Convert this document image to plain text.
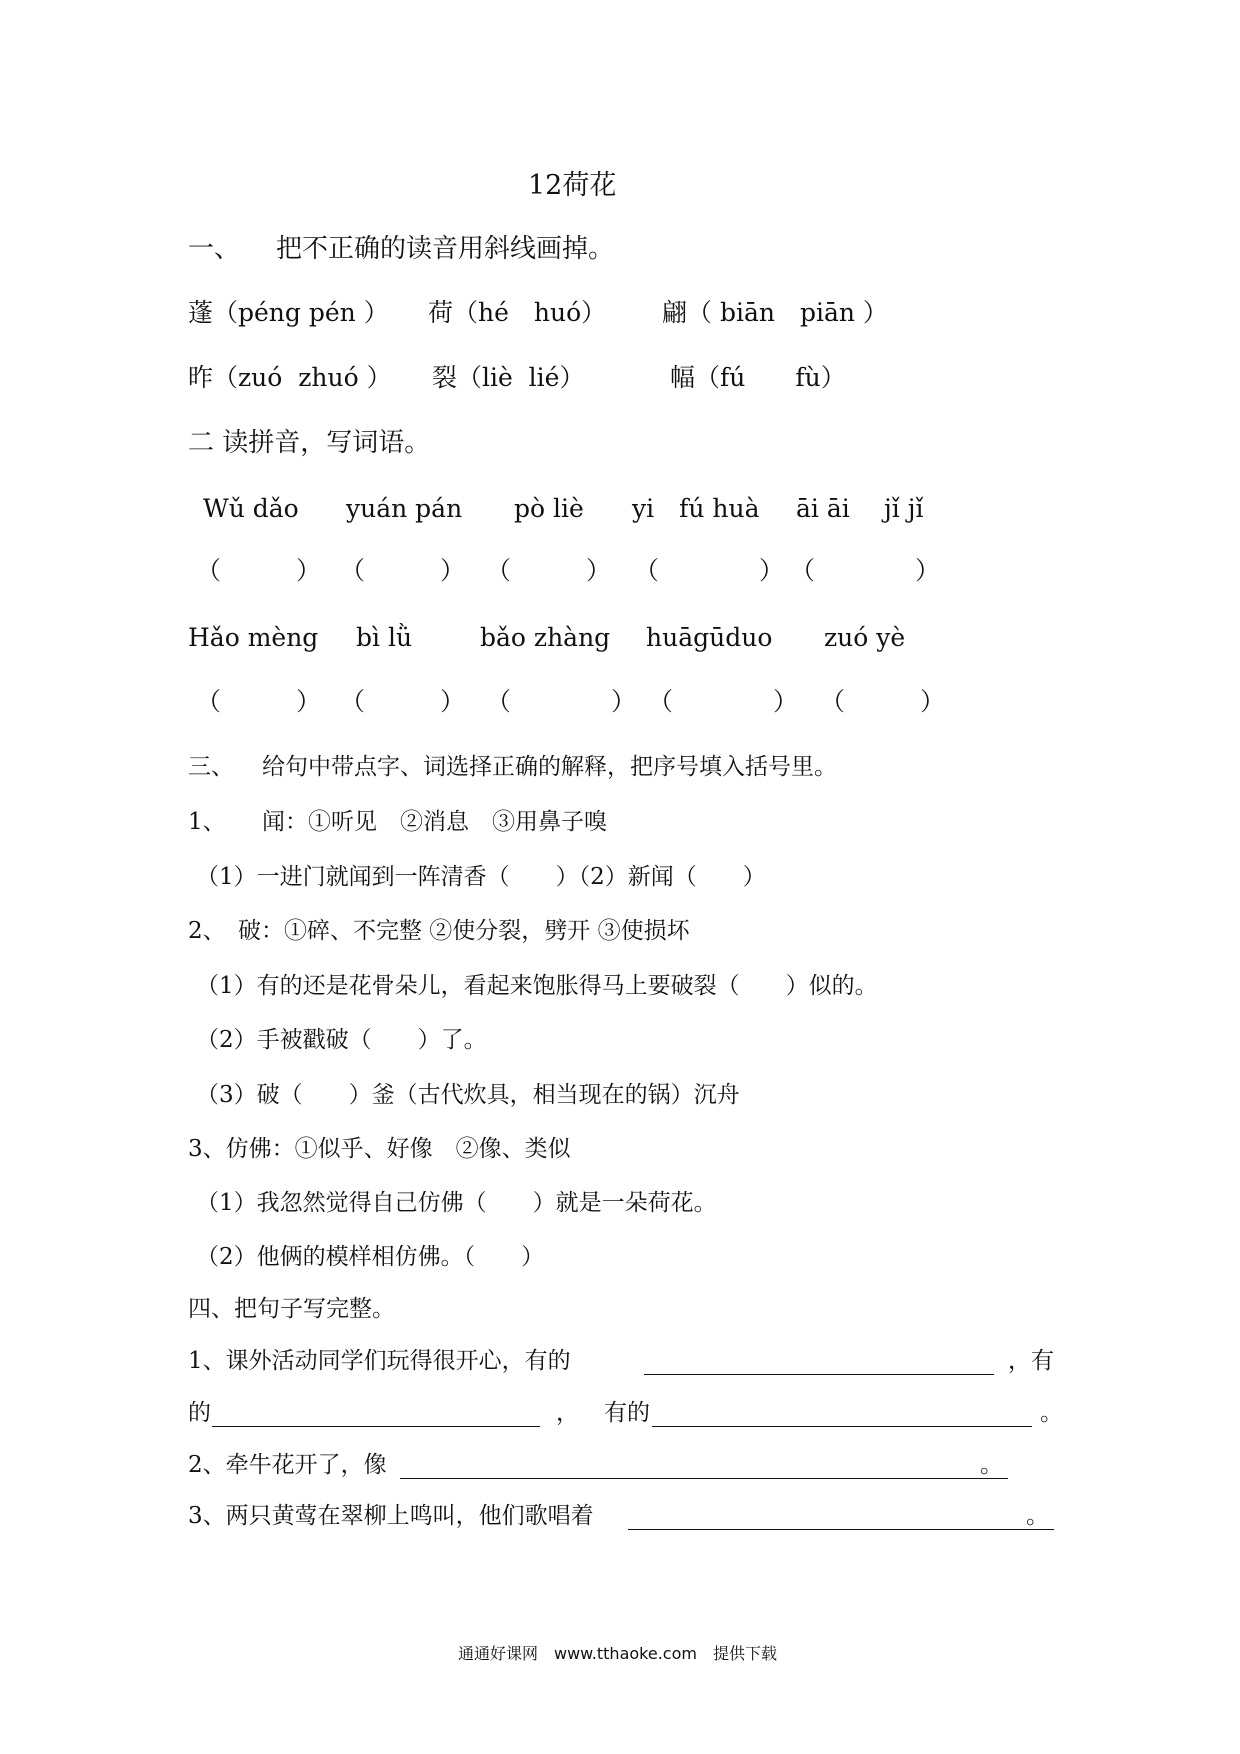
12荷花
一、 把不正确的读音用斜线画掉。
蓬（péng pén ） 荷（hé　huó） 翩（ biān　piān ）
昨（zuó  zhuó ） 裂（liè  lié）	幅（fú　　fù）
二 读拼音，写词语。
Wǔ dǎo yuán pán pò liè yi　fú huà āi āi jǐ jǐ
（　　　） （　　　） （　　　） （　　　　） （　　　　）
Hǎo mèng bì lǜ	bǎo zhàng huāgūduo zuó yè
（　　　） （　　　） （　　　　） （　　　　） （　　　）
三、 给句中带点字、词选择正确的解释，把序号填入括号里。
1、 闻：①听见　②消息　③用鼻子嗅
（1）一进门就闻到一阵清香（　　）（2）新闻（　　）
2、 破：①碎、不完整 ②使分裂，劈开 ③使损坏
（1）有的还是花骨朵儿，看起来饱胀得马上要破裂（　　）似的。
（2）手被戳破（　　）了。
（3）破（　　）釜（古代炊具，相当现在的锅）沉舟
3、仿佛：①似乎、好像　②像、类似
（1）我忽然觉得自己仿佛（　　）就是一朵荷花。
（2）他俩的模样相仿佛。（　　）
四、把句子写完整。
1、课外活动同学们玩得很开心，有的	，有
的	， 有的	。
2、牵牛花开了，像	。
3、两只黄莺在翠柳上鸣叫，他们歌唱着	。
通通好课网　www.tthaoke.com　提供下载
